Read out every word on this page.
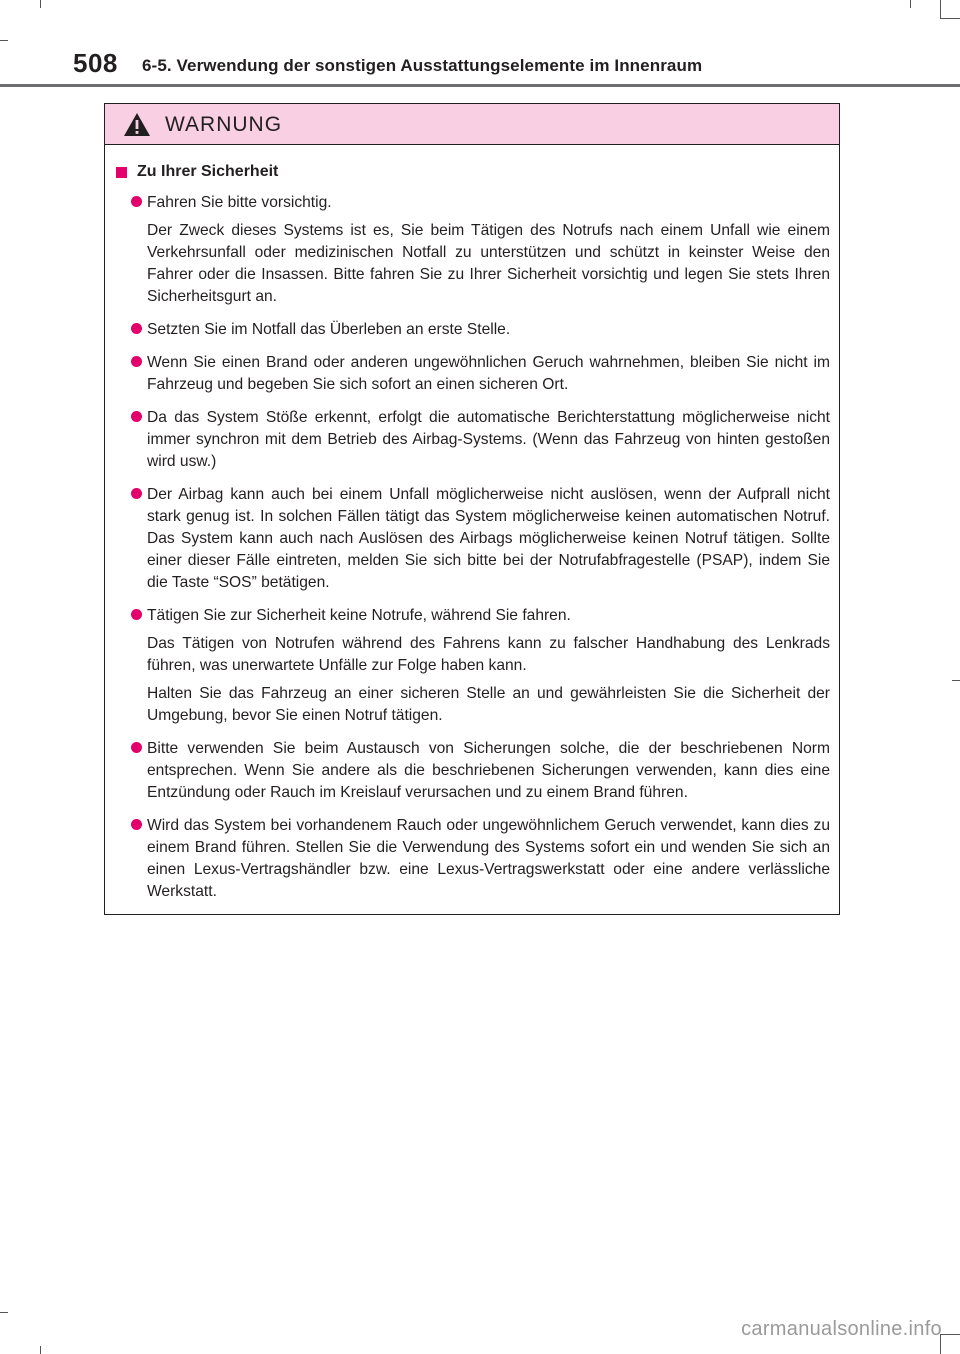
508 6-5. Verwendung der sonstigen Ausstattungselemente im Innenraum
WARNUNG
Zu Ihrer Sicherheit
Fahren Sie bitte vorsichtig.
Der Zweck dieses Systems ist es, Sie beim Tätigen des Notrufs nach einem Unfall wie einem Verkehrsunfall oder medizinischen Notfall zu unterstützen und schützt in keinster Weise den Fahrer oder die Insassen. Bitte fahren Sie zu Ihrer Sicherheit vorsichtig und legen Sie stets Ihren Sicherheitsgurt an.
Setzten Sie im Notfall das Überleben an erste Stelle.
Wenn Sie einen Brand oder anderen ungewöhnlichen Geruch wahrnehmen, bleiben Sie nicht im Fahrzeug und begeben Sie sich sofort an einen sicheren Ort.
Da das System Stöße erkennt, erfolgt die automatische Berichterstattung möglicherweise nicht immer synchron mit dem Betrieb des Airbag-Systems. (Wenn das Fahrzeug von hinten gestoßen wird usw.)
Der Airbag kann auch bei einem Unfall möglicherweise nicht auslösen, wenn der Aufprall nicht stark genug ist. In solchen Fällen tätigt das System möglicherweise keinen automatischen Notruf. Das System kann auch nach Auslösen des Airbags möglicherweise keinen Notruf tätigen. Sollte einer dieser Fälle eintreten, melden Sie sich bitte bei der Notrufabfragestelle (PSAP), indem Sie die Taste “SOS” betätigen.
Tätigen Sie zur Sicherheit keine Notrufe, während Sie fahren.
Das Tätigen von Notrufen während des Fahrens kann zu falscher Handhabung des Lenkrads führen, was unerwartete Unfälle zur Folge haben kann.
Halten Sie das Fahrzeug an einer sicheren Stelle an und gewährleisten Sie die Sicherheit der Umgebung, bevor Sie einen Notruf tätigen.
Bitte verwenden Sie beim Austausch von Sicherungen solche, die der beschriebenen Norm entsprechen. Wenn Sie andere als die beschriebenen Sicherungen verwenden, kann dies eine Entzündung oder Rauch im Kreislauf verursachen und zu einem Brand führen.
Wird das System bei vorhandenem Rauch oder ungewöhnlichem Geruch verwendet, kann dies zu einem Brand führen. Stellen Sie die Verwendung des Systems sofort ein und wenden Sie sich an einen Lexus-Vertragshändler bzw. eine Lexus-Vertragswerkstatt oder eine andere verlässliche Werkstatt.
carmanualsonline.info
